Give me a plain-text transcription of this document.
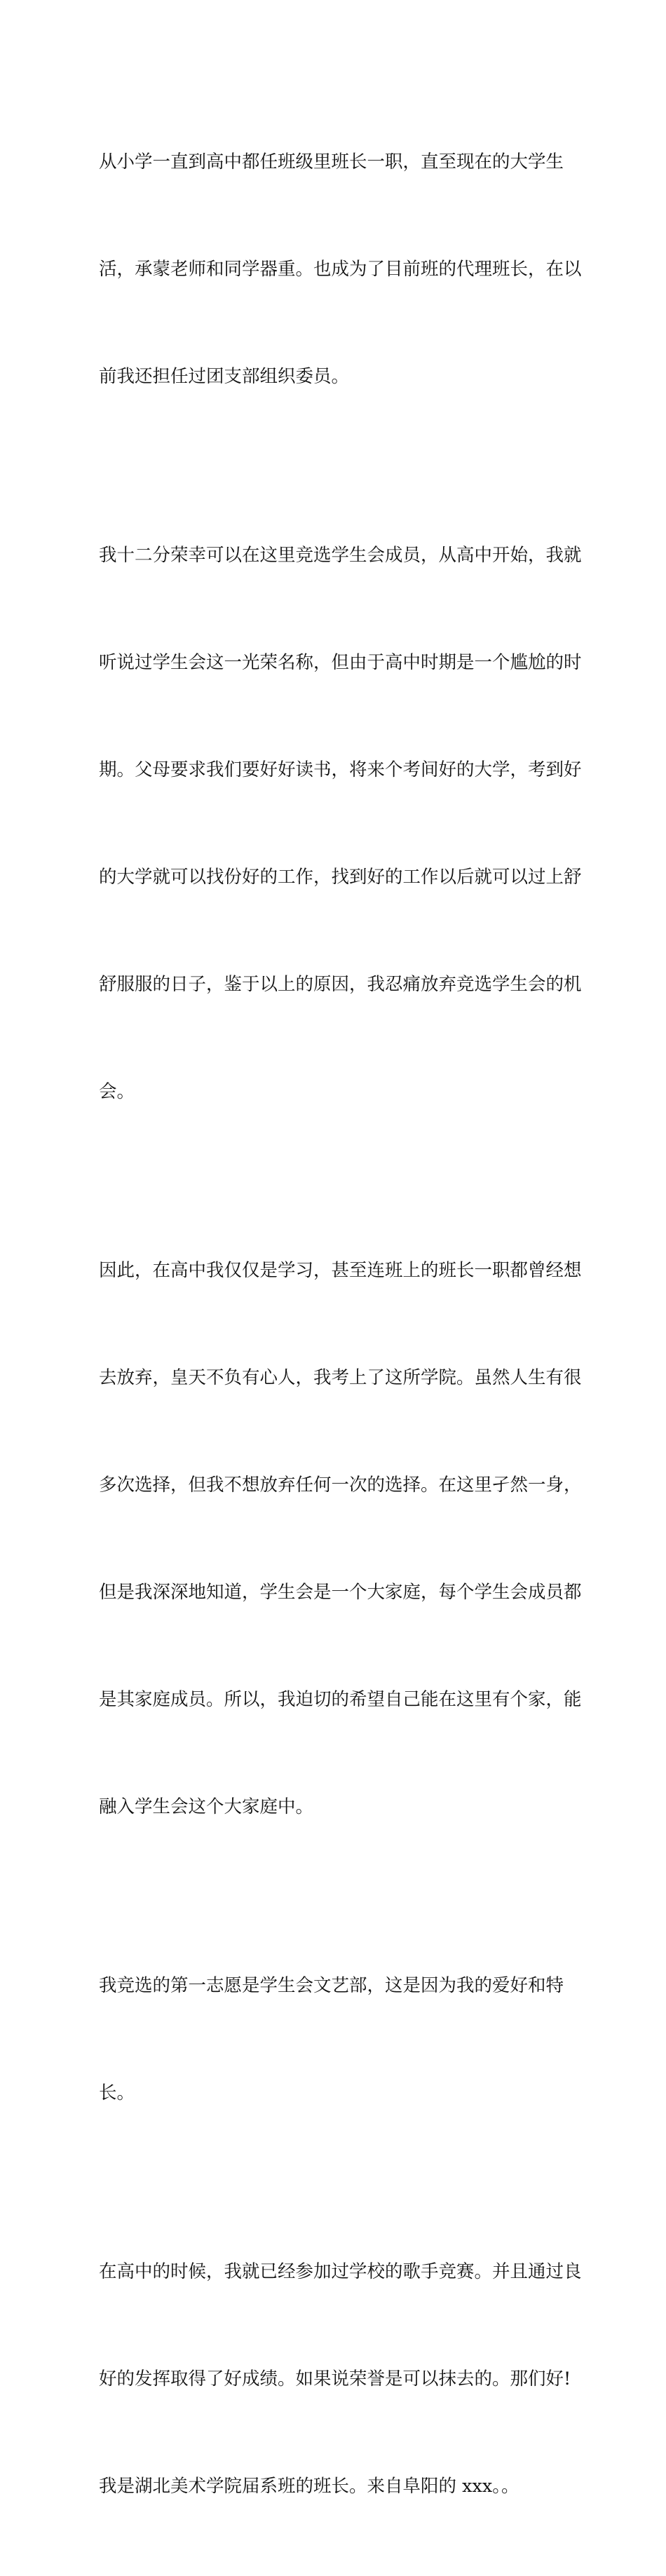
从小学一直到高中都任班级里班长一职，直至现在的大学生

活，承蒙老师和同学器重。也成为了目前班的代理班长，在以

前我还担任过团支部组织委员。

我十二分荣幸可以在这里竞选学生会成员，从高中开始，我就

听说过学生会这一光荣名称，但由于高中时期是一个尴尬的时

期。父母要求我们要好好读书，将来个考间好的大学，考到好

的大学就可以找份好的工作，找到好的工作以后就可以过上舒

舒服服的日子，鉴于以上的原因，我忍痛放弃竞选学生会的机

会。

因此，在高中我仅仅是学习，甚至连班上的班长一职都曾经想

去放弃，皇天不负有心人，我考上了这所学院。虽然人生有很

多次选择，但我不想放弃任何一次的选择。在这里孑然一身，

但是我深深地知道，学生会是一个大家庭，每个学生会成员都

是其家庭成员。所以，我迫切的希望自己能在这里有个家，能

融入学生会这个大家庭中。

我竞选的第一志愿是学生会文艺部，这是因为我的爱好和特

长。

在高中的时候，我就已经参加过学校的歌手竞赛。并且通过良

好的发挥取得了好成绩。如果说荣誉是可以抹去的。那们好!

我是湖北美术学院届系班的班长。来自阜阳的 xxx。。
